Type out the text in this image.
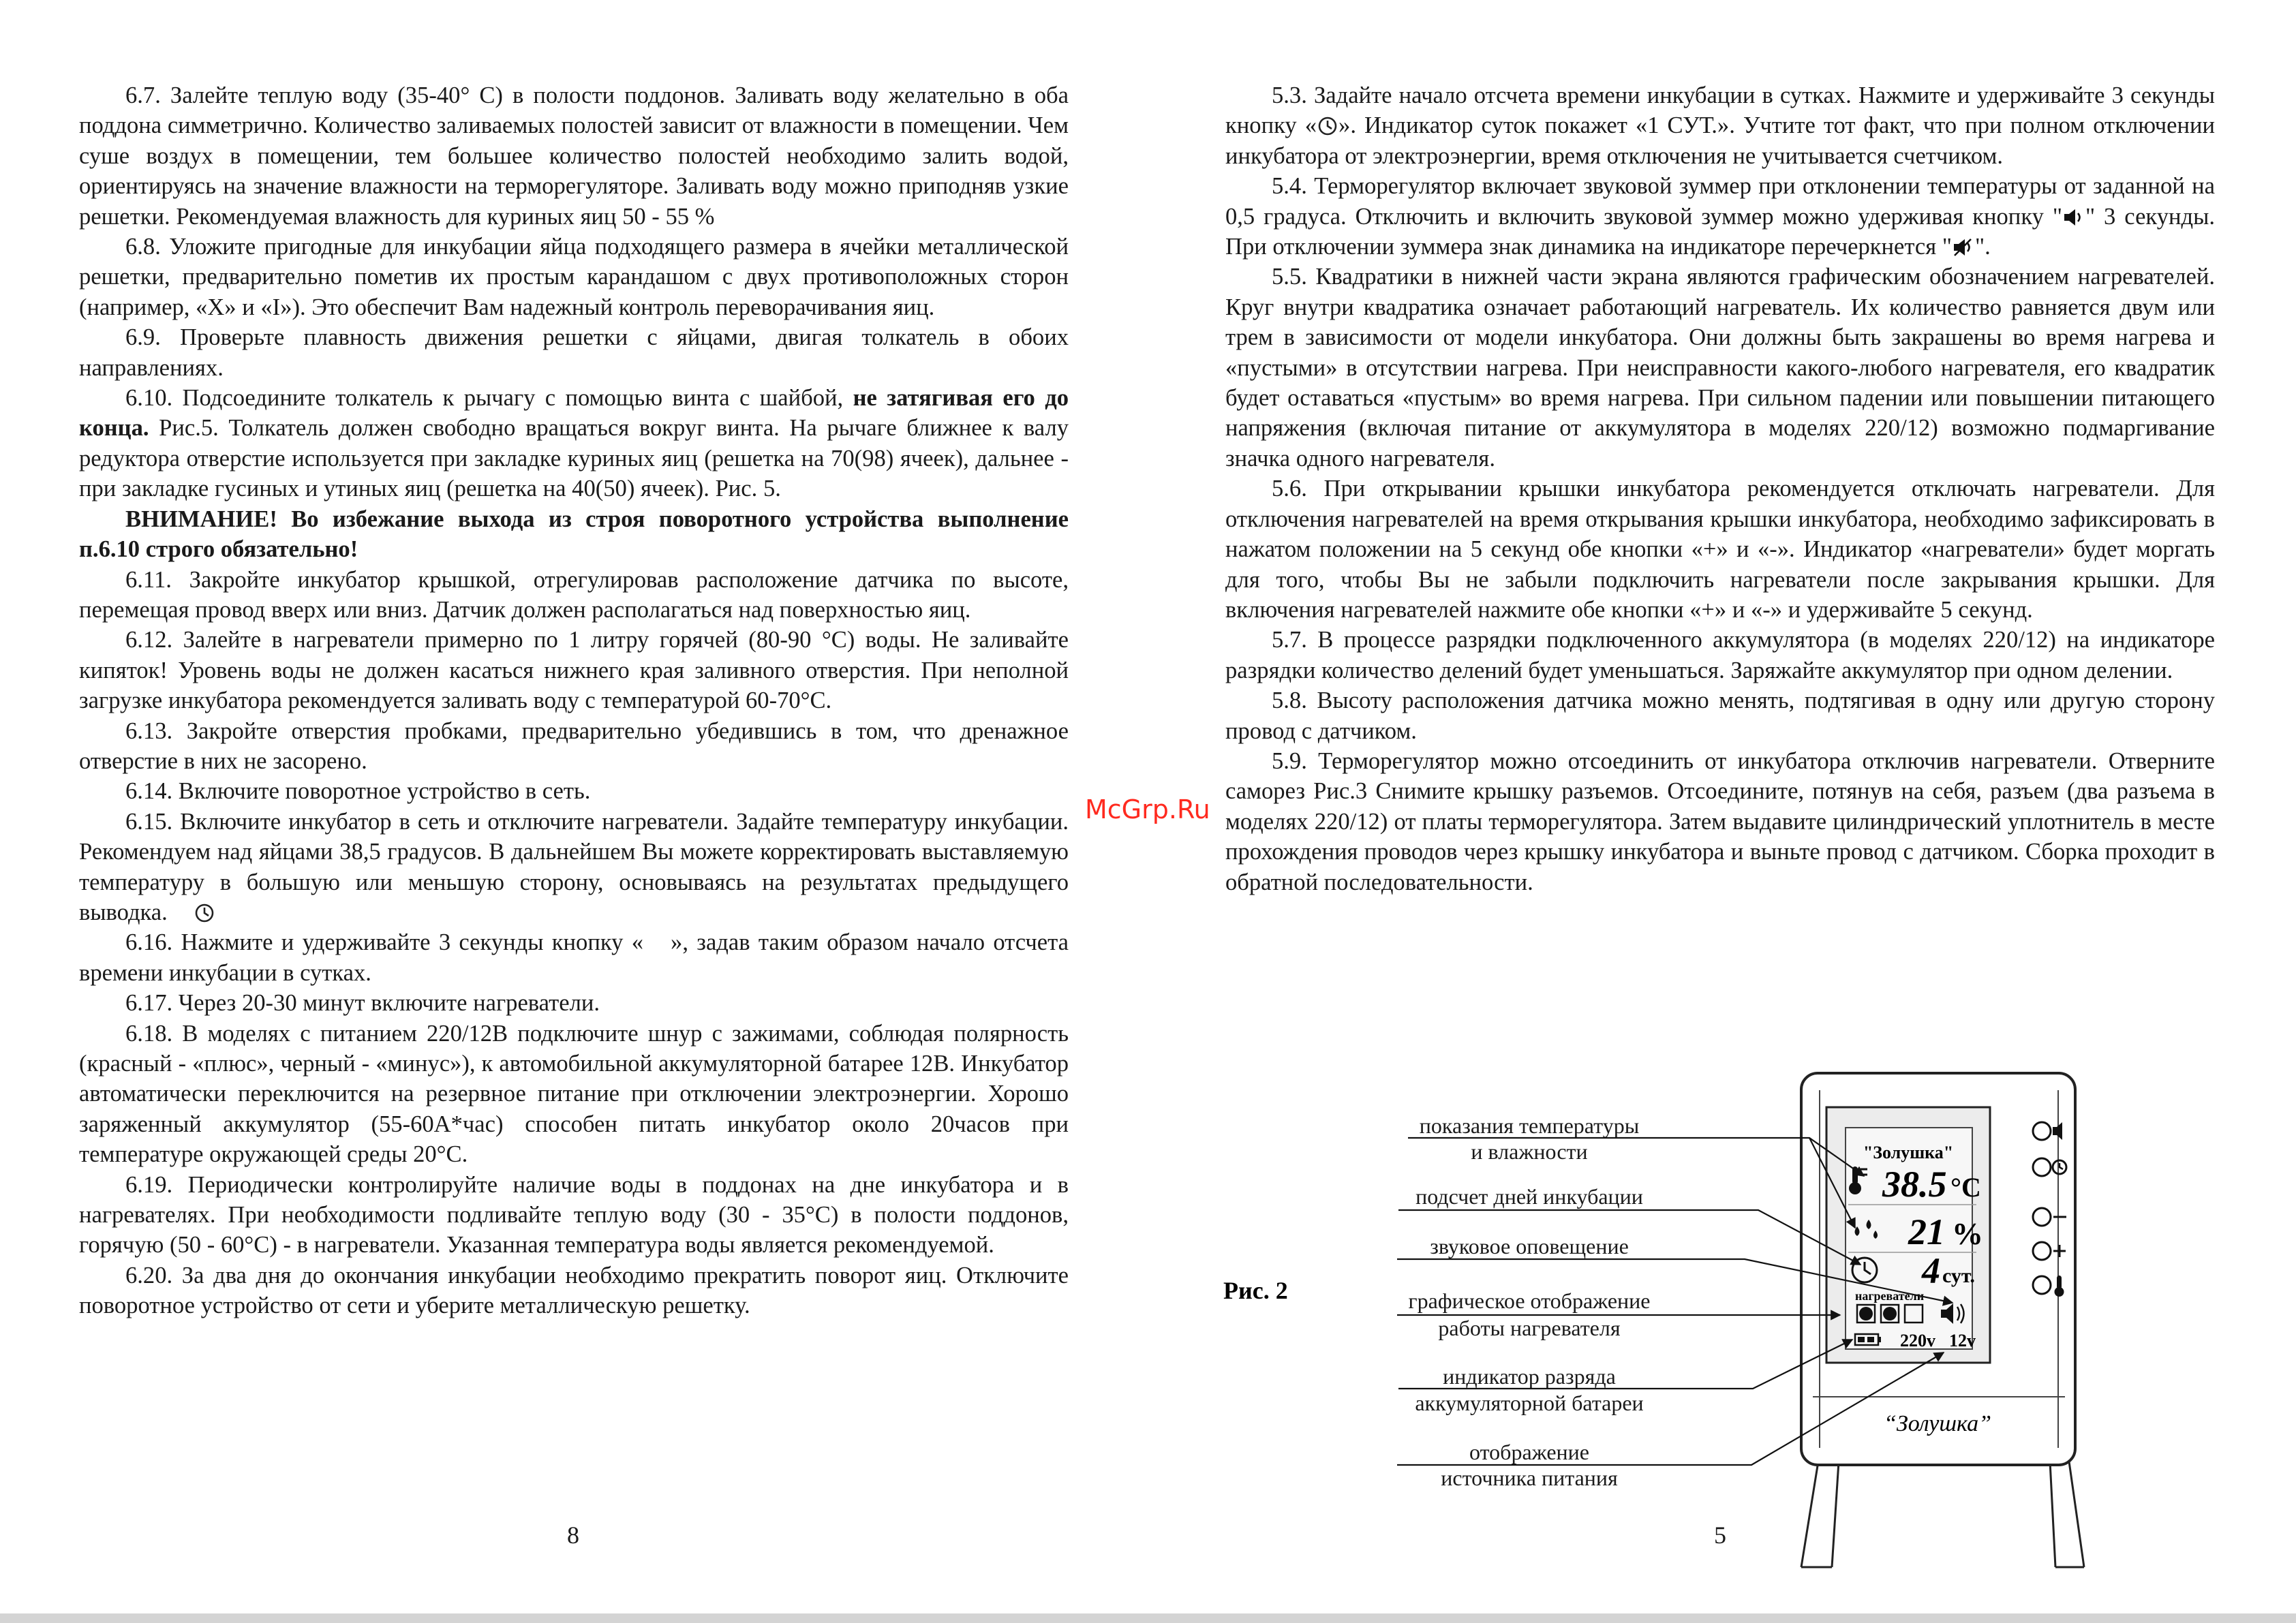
6.7. Залейте теплую воду (35-40° С) в полости поддонов. Заливать воду желательно в оба поддона симметрично. Количество заливаемых полостей зависит от влажности в помещении. Чем суше воздух в помещении, тем большее количество полостей необходимо залить водой, ориентируясь на значение влажности на терморегуляторе. Заливать воду можно приподняв узкие решетки. Рекомендуемая влажность для куриных яиц 50 - 55 %

6.8. Уложите пригодные для инкубации яйца подходящего размера в ячейки металлической решетки, предварительно пометив их простым карандашом с двух противоположных сторон (например, «X» и «I»). Это обеспечит Вам надежный контроль переворачивания яиц.

6.9. Проверьте плавность движения решетки с яйцами, двигая толкатель в обоих направлениях.

6.10. Подсоедините толкатель к рычагу с помощью винта с шайбой, не затягивая его до конца. Рис.5. Толкатель должен свободно вращаться вокруг винта. На рычаге ближнее к валу редуктора отверстие используется при закладке куриных яиц (решетка на 70(98) ячеек), дальнее - при закладке гусиных и утиных яиц (решетка на 40(50) ячеек). Рис. 5.

ВНИМАНИЕ! Во избежание выхода из строя поворотного устройства выполнение п.6.10 строго обязательно!

6.11. Закройте инкубатор крышкой, отрегулировав расположение датчика по высоте, перемещая провод вверх или вниз. Датчик должен располагаться над поверхностью яиц.

6.12. Залейте в нагреватели примерно по 1 литру горячей (80-90 °С) воды. Не заливайте кипяток! Уровень воды не должен касаться нижнего края заливного отверстия. При неполной загрузке инкубатора рекомендуется заливать воду с температурой 60-70°С.

6.13. Закройте отверстия пробками, предварительно убедившись в том, что дренажное отверстие в них не засорено.

6.14. Включите поворотное устройство в сеть.

6.15. Включите инкубатор в сеть и отключите нагреватели. Задайте температуру инкубации. Рекомендуем над яйцами 38,5 градусов. В дальнейшем Вы можете корректировать выставляемую температуру в большую или меньшую сторону, основываясь на результатах предыдущего выводка.

6.16. Нажмите и удерживайте 3 секунды кнопку « », задав таким образом начало отсчета времени инкубации в сутках.

6.17. Через 20-30 минут включите нагреватели.

6.18. В моделях с питанием 220/12В подключите шнур с зажимами, соблюдая полярность (красный - «плюс», черный - «минус»), к автомобильной аккумуляторной батарее 12В. Инкубатор автоматически переключится на резервное питание при отключении электроэнергии. Хорошо заряженный аккумулятор (55-60А*час) способен питать инкубатор около 20часов при температуре окружающей среды 20°С.

6.19. Периодически контролируйте наличие воды в поддонах на дне инкубатора и в нагревателях. При необходимости подливайте теплую воду (30 - 35°С) в полости поддонов, горячую (50 - 60°С) - в нагреватели. Указанная температура воды является рекомендуемой.

6.20. За два дня до окончания инкубации необходимо прекратить поворот яиц. Отключите поворотное устройство от сети и уберите металлическую решетку.

8

5.3. Задайте начало отсчета времени инкубации в сутках. Нажмите и удерживайте 3 секунды кнопку « ». Индикатор суток покажет «1 СУТ.». Учтите тот факт, что при полном отключении инкубатора от электроэнергии, время отключения не учитывается счетчиком.

5.4. Терморегулятор включает звуковой зуммер при отклонении температуры от заданной на 0,5 градуса. Отключить и включить звуковой зуммер можно удерживая кнопку " " 3 секунды. При отключении зуммера знак динамика на индикаторе перечеркнется " ".

5.5. Квадратики в нижней части экрана являются графическим обозначением нагревателей. Круг внутри квадратика означает работающий нагреватель. Их количество равняется двум или трем в зависимости от модели инкубатора. Они должны быть закрашены во время нагрева и «пустыми» в отсутствии нагрева. При неисправности какого-любого нагревателя, его квадратик будет оставаться «пустым» во время нагрева. При сильном падении или повышении питающего напряжения (включая питание от аккумулятора в моделях 220/12) возможно подмаргивание значка одного нагревателя.

5.6. При открывании крышки инкубатора рекомендуется отключать нагреватели. Для отключения нагревателей на время открывания крышки инкубатора, необходимо зафиксировать в нажатом положении на 5 секунд обе кнопки «+» и «-». Индикатор «нагреватели» будет моргать для того, чтобы Вы не забыли подключить нагреватели после закрывания крышки. Для включения нагревателей нажмите обе кнопки «+» и «-» и удерживайте 5 секунд.

5.7. В процессе разрядки подключенного аккумулятора (в моделях 220/12) на индикаторе разрядки количество делений будет уменьшаться. Заряжайте аккумулятор при одном делении.

5.8. Высоту расположения датчика можно менять, подтягивая в одну или другую сторону провод с датчиком.

5.9. Терморегулятор можно отсоединить от инкубатора отключив нагреватели. Отверните саморез Рис.3 Снимите крышку разъемов. Отсоедините, потянув на себя, разъем (два разъема в моделях 220/12) от платы терморегулятора. Затем выдавите цилиндрический уплотнитель в месте прохождения проводов через крышку инкубатора и выньте провод с датчиком. Сборка проходит в обратной последовательности.

5
Рис. 2
“Золушка”
"Золушка"
38.5 °C
21 %
4 сут.
нагреватели
220v 12v
показания температуры
и влажности
подсчет дней инкубации
звуковое оповещение
графическое отображение
работы нагревателя
индикатор разряда
аккумуляторной батареи
отображение
источника питания
McGrp.Ru
